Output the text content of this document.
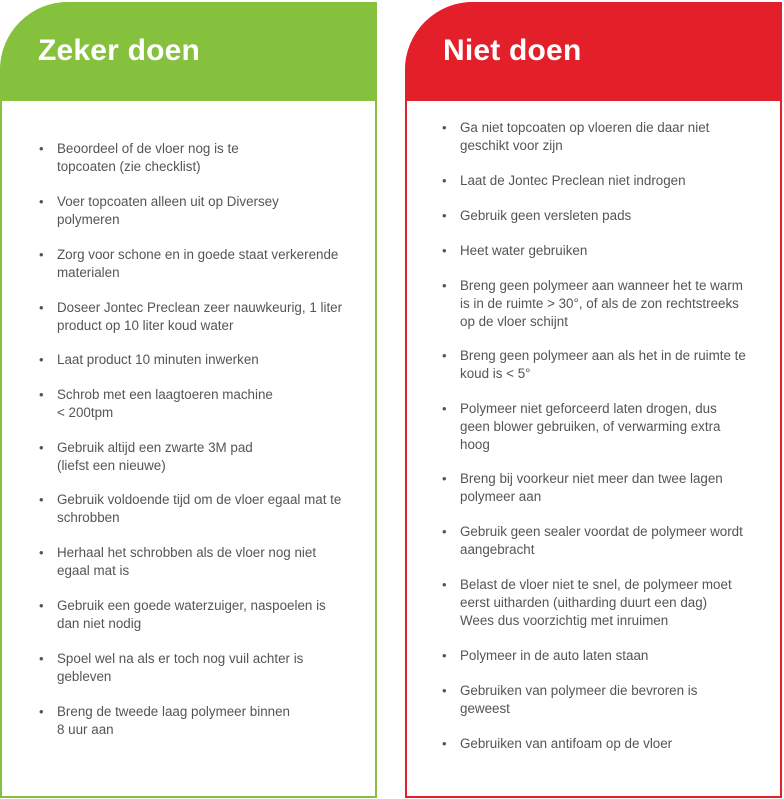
Zeker doen	Niet doen
• Beoordeel of de vloer nog is te
topcoaten (zie checklist)
• Voer topcoaten alleen uit op Diversey
polymeren
• Zorg voor schone en in goede staat verkerende
materialen
• Doseer Jontec Preclean zeer nauwkeurig, 1 liter
product op 10 liter koud water
• Laat product 10 minuten inwerken
• Schrob met een laagtoeren machine
< 200tpm
• Gebruik altijd een zwarte 3M pad
(liefst een nieuwe)
• Gebruik voldoende tijd om de vloer egaal mat te
schrobben
• Herhaal het schrobben als de vloer nog niet
egaal mat is
• Gebruik een goede waterzuiger, naspoelen is
dan niet nodig
• Spoel wel na als er toch nog vuil achter is
gebleven
• Breng de tweede laag polymeer binnen
8 uur aan
• Ga niet topcoaten op vloeren die daar niet
geschikt voor zijn
• Laat de Jontec Preclean niet indrogen
• Gebruik geen versleten pads
• Heet water gebruiken
• Breng geen polymeer aan wanneer het te warm
is in de ruimte > 30°, of als de zon rechtstreeks
op de vloer schijnt
• Breng geen polymeer aan als het in de ruimte te
koud is < 5°
• Polymeer niet geforceerd laten drogen, dus
geen blower gebruiken, of verwarming extra
hoog
• Breng bij voorkeur niet meer dan twee lagen
polymeer aan
• Gebruik geen sealer voordat de polymeer wordt
aangebracht
• Belast de vloer niet te snel, de polymeer moet
eerst uitharden (uitharding duurt een dag)
Wees dus voorzichtig met inruimen
• Polymeer in de auto laten staan
• Gebruiken van polymeer die bevroren is
geweest
• Gebruiken van antifoam op de vloer
